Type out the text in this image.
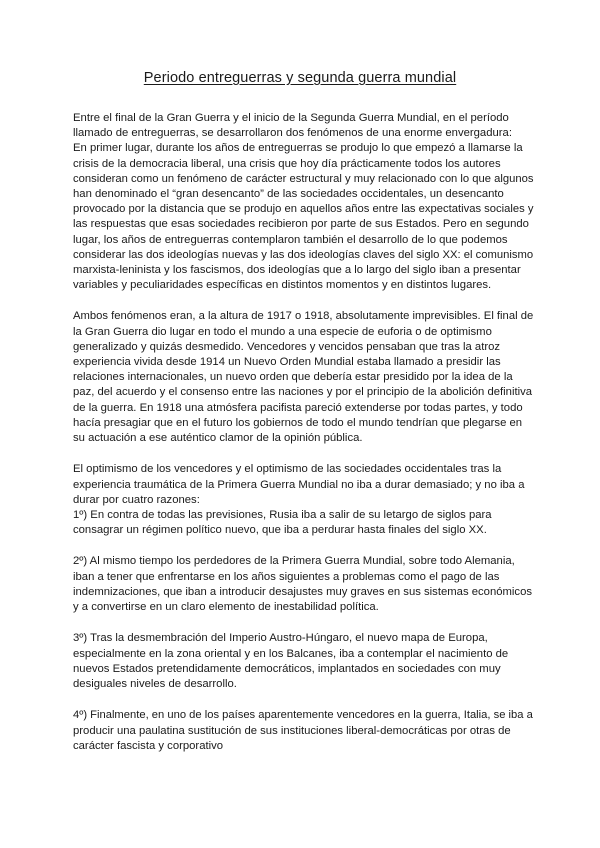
Periodo entreguerras y segunda guerra mundial
Entre el final de la Gran Guerra y el inicio de la Segunda Guerra Mundial, en el período
llamado de entreguerras, se desarrollaron dos fenómenos de una enorme envergadura:
En primer lugar, durante los años de entreguerras se produjo lo que empezó a llamarse la
crisis de la democracia liberal, una crisis que hoy día prácticamente todos los autores
consideran como un fenómeno de carácter estructural y muy relacionado con lo que algunos
han denominado el “gran desencanto” de las sociedades occidentales, un desencanto
provocado por la distancia que se produjo en aquellos años entre las expectativas sociales y
las respuestas que esas sociedades recibieron por parte de sus Estados. Pero en segundo
lugar, los años de entreguerras contemplaron también el desarrollo de lo que podemos
considerar las dos ideologías nuevas y las dos ideologías claves del siglo XX: el comunismo
marxista-leninista y los fascismos, dos ideologías que a lo largo del siglo iban a presentar
variables y peculiaridades específicas en distintos momentos y en distintos lugares.
Ambos fenómenos eran, a la altura de 1917 o 1918, absolutamente imprevisibles. El final de
la Gran Guerra dio lugar en todo el mundo a una especie de euforia o de optimismo
generalizado y quizás desmedido. Vencedores y vencidos pensaban que tras la atroz
experiencia vivida desde 1914 un Nuevo Orden Mundial estaba llamado a presidir las
relaciones internacionales, un nuevo orden que debería estar presidido por la idea de la
paz, del acuerdo y el consenso entre las naciones y por el principio de la abolición definitiva
de la guerra. En 1918 una atmósfera pacifista pareció extenderse por todas partes, y todo
hacía presagiar que en el futuro los gobiernos de todo el mundo tendrían que plegarse en
su actuación a ese auténtico clamor de la opinión pública.
El optimismo de los vencedores y el optimismo de las sociedades occidentales tras la
experiencia traumática de la Primera Guerra Mundial no iba a durar demasiado; y no iba a
durar por cuatro razones:
1º) En contra de todas las previsiones, Rusia iba a salir de su letargo de siglos para
consagrar un régimen político nuevo, que iba a perdurar hasta finales del siglo XX.
2º) Al mismo tiempo los perdedores de la Primera Guerra Mundial, sobre todo Alemania,
iban a tener que enfrentarse en los años siguientes a problemas como el pago de las
indemnizaciones, que iban a introducir desajustes muy graves en sus sistemas económicos
y a convertirse en un claro elemento de inestabilidad política.
3º) Tras la desmembración del Imperio Austro-Húngaro, el nuevo mapa de Europa,
especialmente en la zona oriental y en los Balcanes, iba a contemplar el nacimiento de
nuevos Estados pretendidamente democráticos, implantados en sociedades con muy
desiguales niveles de desarrollo.
4º) Finalmente, en uno de los países aparentemente vencedores en la guerra, Italia, se iba a
producir una paulatina sustitución de sus instituciones liberal-democráticas por otras de
carácter fascista y corporativo
